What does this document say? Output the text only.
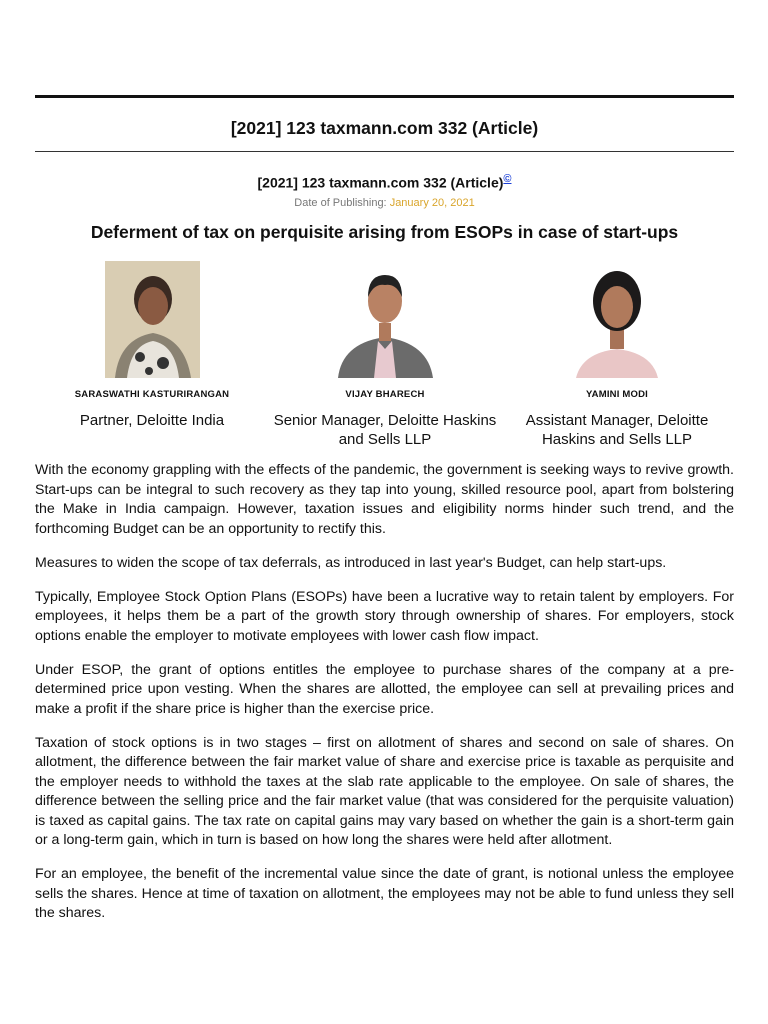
[2021] 123 taxmann.com 332 (Article)
[2021] 123 taxmann.com 332 (Article)©
Date of Publishing: January 20, 2021
Deferment of tax on perquisite arising from ESOPs in case of start-ups
SARASWATHI KASTURIRANGAN
Partner, Deloitte India
VIJAY BHARECH
Senior Manager, Deloitte Haskins and Sells LLP
YAMINI MODI
Assistant Manager, Deloitte Haskins and Sells LLP

With the economy grappling with the effects of the pandemic, the government is seeking ways to revive growth. Start-ups can be integral to such recovery as they tap into young, skilled resource pool, apart from bolstering the Make in India campaign. However, taxation issues and eligibility norms hinder such trend, and the forthcoming Budget can be an opportunity to rectify this.

Measures to widen the scope of tax deferrals, as introduced in last year's Budget, can help start-ups.

Typically, Employee Stock Option Plans (ESOPs) have been a lucrative way to retain talent by employers. For employees, it helps them be a part of the growth story through ownership of shares. For employers, stock options enable the employer to motivate employees with lower cash flow impact.

Under ESOP, the grant of options entitles the employee to purchase shares of the company at a pre-determined price upon vesting. When the shares are allotted, the employee can sell at prevailing prices and make a profit if the share price is higher than the exercise price.

Taxation of stock options is in two stages – first on allotment of shares and second on sale of shares. On allotment, the difference between the fair market value of share and exercise price is taxable as perquisite and the employer needs to withhold the taxes at the slab rate applicable to the employee. On sale of shares, the difference between the selling price and the fair market value (that was considered for the perquisite valuation) is taxed as capital gains. The tax rate on capital gains may vary based on whether the gain is a short-term gain or a long-term gain, which in turn is based on how long the shares were held after allotment.

For an employee, the benefit of the incremental value since the date of grant, is notional unless the employee sells the shares. Hence at time of taxation on allotment, the employees may not be able to fund unless they sell the shares.
